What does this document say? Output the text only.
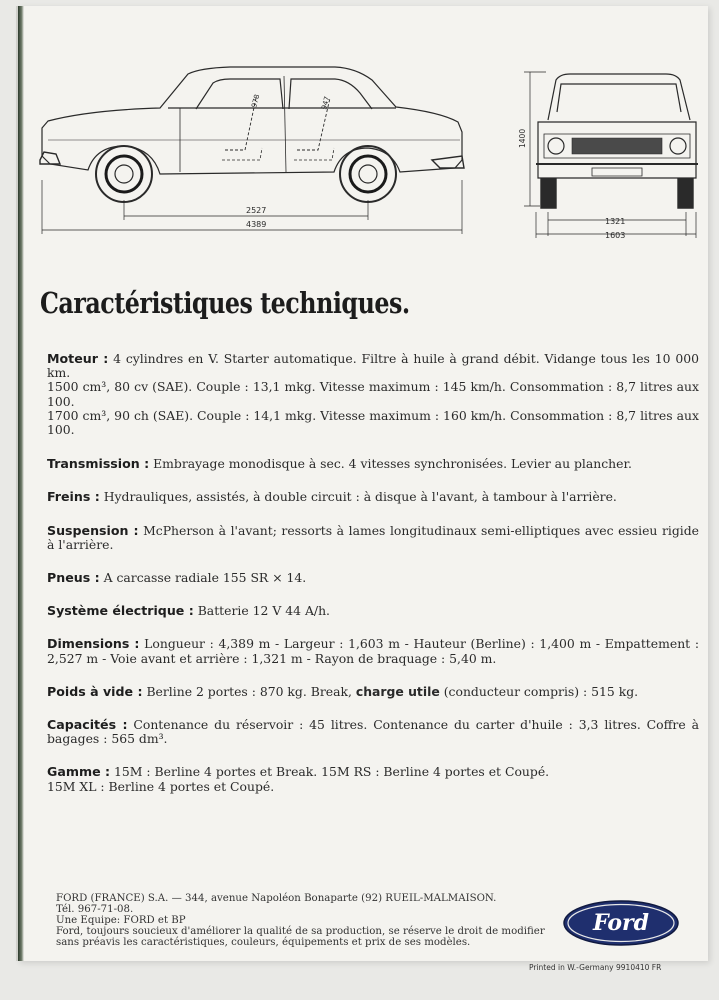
2527
4389
978	947
1400
1321
1603
Caractéristiques techniques.

Moteur : 4 cylindres en V. Starter automatique. Filtre à huile à grand débit. Vidange tous les 10 000 km.

1500 cm³, 80 cv (SAE). Couple : 13,1 mkg. Vitesse maximum : 145 km/h. Consommation : 8,7 litres aux 100.

1700 cm³, 90 ch (SAE). Couple : 14,1 mkg. Vitesse maximum : 160 km/h. Consommation : 8,7 litres aux 100.

Transmission : Embrayage monodisque à sec. 4 vitesses synchronisées. Levier au plancher.

Freins : Hydrauliques, assistés, à double circuit : à disque à l'avant, à tambour à l'arrière.

Suspension : McPherson à l'avant; ressorts à lames longitudinaux semi-elliptiques avec essieu rigide à l'arrière.

Pneus : A carcasse radiale 155 SR × 14.

Système électrique : Batterie 12 V 44 A/h.

Dimensions : Longueur : 4,389 m - Largeur : 1,603 m - Hauteur (Berline) : 1,400 m - Empattement : 2,527 m - Voie avant et arrière : 1,321 m - Rayon de braquage : 5,40 m.

Poids à vide : Berline 2 portes : 870 kg. Break, charge utile (conducteur compris) : 515 kg.

Capacités : Contenance du réservoir : 45 litres. Contenance du carter d'huile : 3,3 litres. Coffre à bagages : 565 dm³.

Gamme : 15M : Berline 4 portes et Break. 15M RS : Berline 4 portes et Coupé.

15M XL : Berline 4 portes et Coupé.

FORD (FRANCE) S.A. — 344, avenue Napoléon Bonaparte (92) RUEIL-MALMAISON.

Tél. 967-71-08.

Une Equipe: FORD et BP

Ford, toujours soucieux d'améliorer la qualité de sa production, se réserve le droit de modifier sans préavis les caractéristiques, couleurs, équipements et prix de ses modèles.

Ford
Printed in W.-Germany 9910410 FR
